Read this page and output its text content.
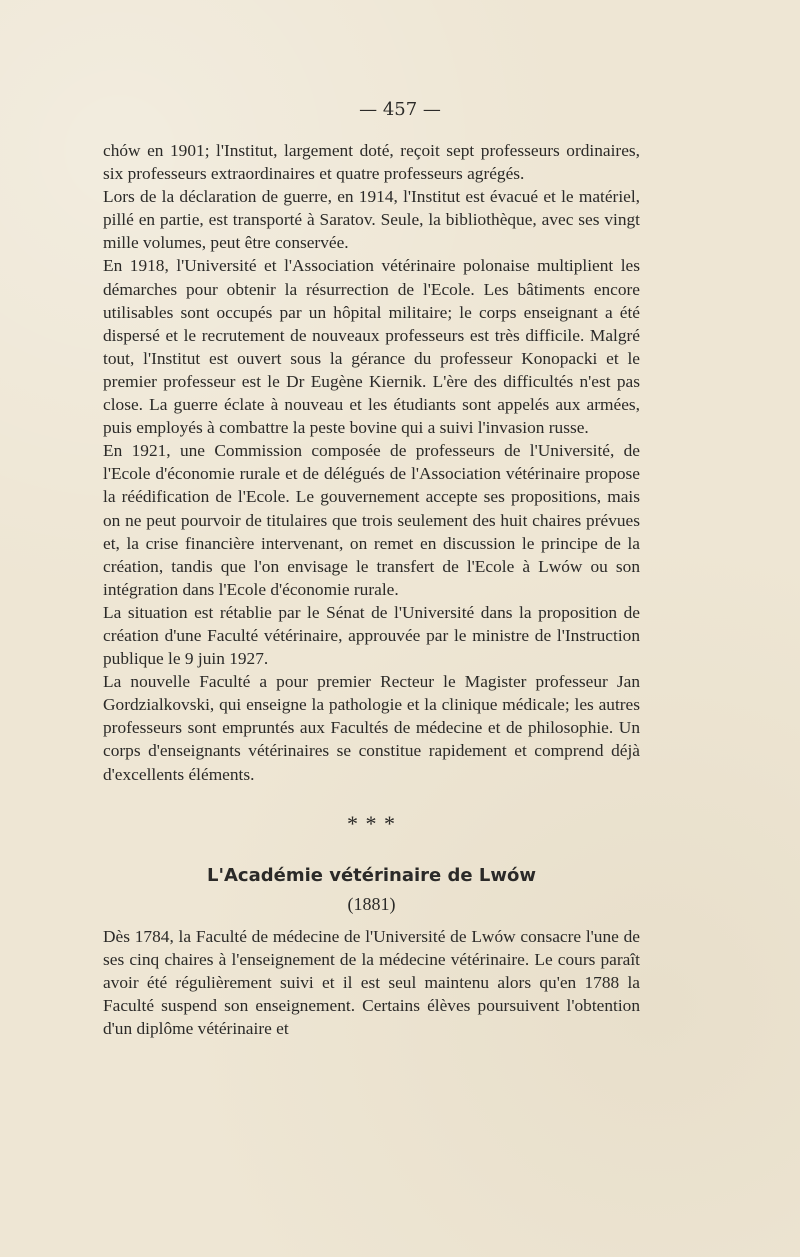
— 457 —

chów en 1901; l'Institut, largement doté, reçoit sept professeurs ordinaires, six professeurs extraordinaires et quatre professeurs agrégés.

Lors de la déclaration de guerre, en 1914, l'Institut est évacué et le matériel, pillé en partie, est transporté à Saratov. Seule, la bibliothèque, avec ses vingt mille volumes, peut être conservée.

En 1918, l'Université et l'Association vétérinaire polonaise multiplient les démarches pour obtenir la résurrection de l'Ecole. Les bâtiments encore utilisables sont occupés par un hôpital militaire; le corps enseignant a été dispersé et le recrutement de nouveaux professeurs est très difficile. Malgré tout, l'Institut est ouvert sous la gérance du professeur Konopacki et le premier professeur est le Dr Eugène Kiernik. L'ère des difficultés n'est pas close. La guerre éclate à nouveau et les étudiants sont appelés aux armées, puis employés à combattre la peste bovine qui a suivi l'invasion russe.

En 1921, une Commission composée de professeurs de l'Université, de l'Ecole d'économie rurale et de délégués de l'Association vétérinaire propose la réédification de l'Ecole. Le gouvernement accepte ses propositions, mais on ne peut pourvoir de titulaires que trois seulement des huit chaires prévues et, la crise financière intervenant, on remet en discussion le principe de la création, tandis que l'on envisage le transfert de l'Ecole à Lwów ou son intégration dans l'Ecole d'économie rurale.

La situation est rétablie par le Sénat de l'Université dans la proposition de création d'une Faculté vétérinaire, approuvée par le ministre de l'Instruction publique le 9 juin 1927.

La nouvelle Faculté a pour premier Recteur le Magister professeur Jan Gordzialkovski, qui enseigne la pathologie et la clinique médicale; les autres professeurs sont empruntés aux Facultés de médecine et de philosophie. Un corps d'enseignants vétérinaires se constitue rapidement et comprend déjà d'excellents éléments.

* * *
L'Académie vétérinaire de Lwów
(1881)

Dès 1784, la Faculté de médecine de l'Université de Lwów consacre l'une de ses cinq chaires à l'enseignement de la médecine vétérinaire. Le cours paraît avoir été régulièrement suivi et il est seul maintenu alors qu'en 1788 la Faculté suspend son enseignement. Certains élèves poursuivent l'obtention d'un diplôme vétérinaire et
